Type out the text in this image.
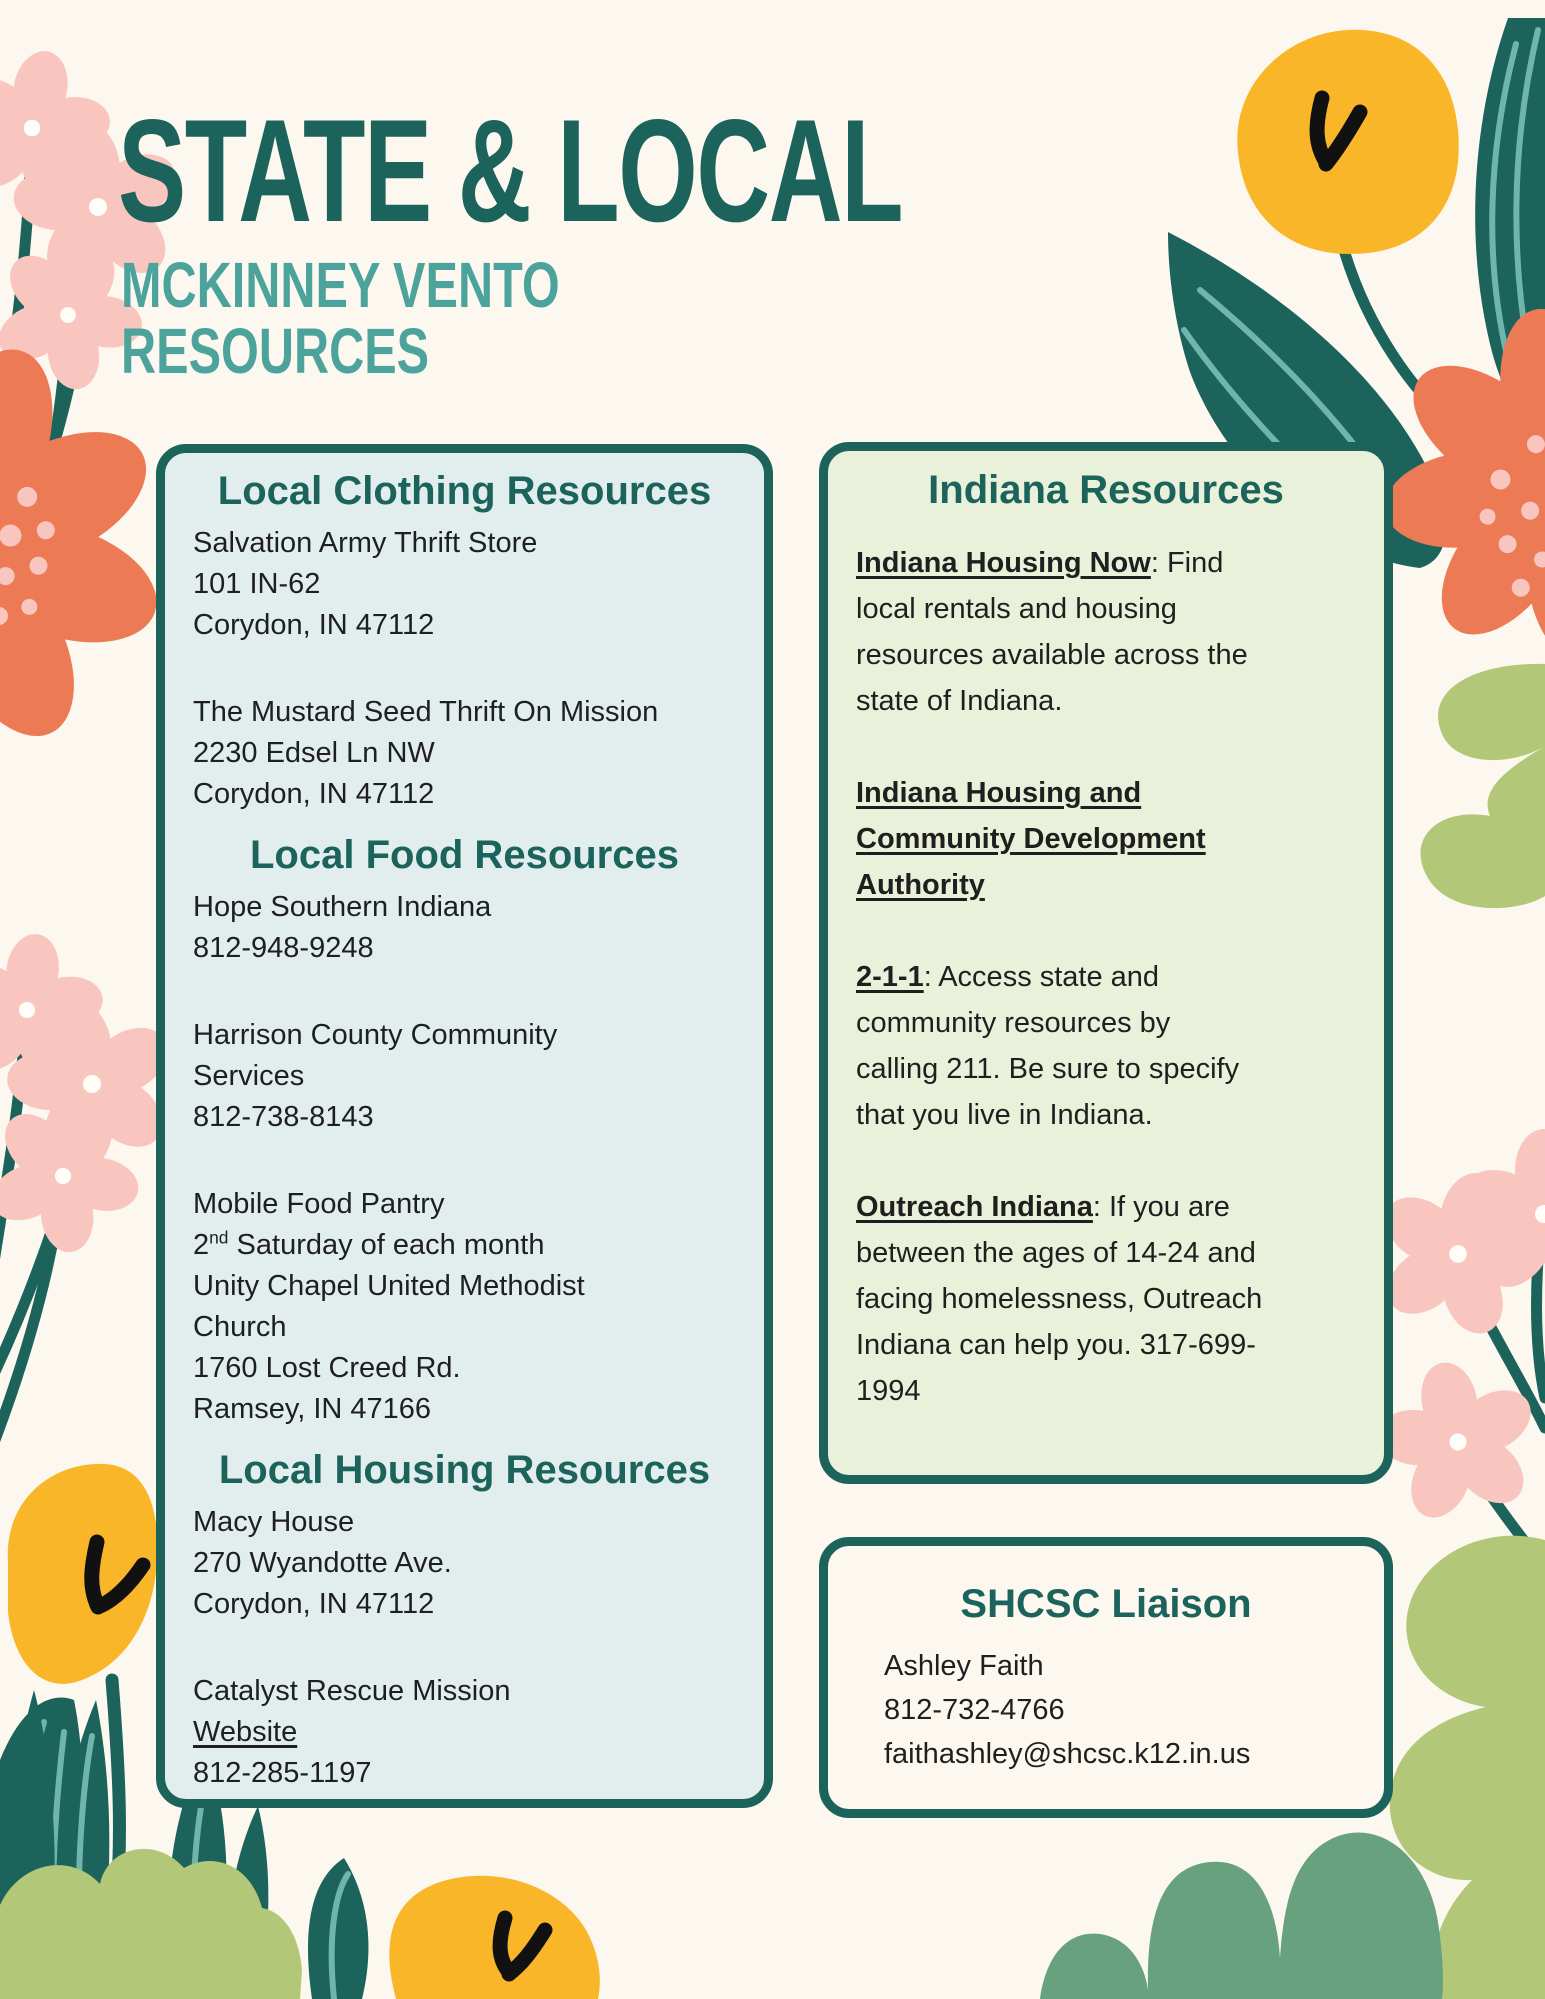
STATE & LOCAL
MCKINNEY VENTO
RESOURCES
Local Clothing Resources
Salvation Army Thrift Store
101 IN-62
Corydon, IN 47112
The Mustard Seed Thrift On Mission
2230 Edsel Ln NW
Corydon, IN 47112
Local Food Resources
Hope Southern Indiana
812-948-9248
Harrison County Community
Services
812-738-8143
Mobile Food Pantry
2nd Saturday of each month
Unity Chapel United Methodist
Church
1760 Lost Creed Rd.
Ramsey, IN 47166
Local Housing Resources
Macy House
270 Wyandotte Ave.
Corydon, IN 47112
Catalyst Rescue Mission
Website
812-285-1197
Indiana Resources
Indiana Housing Now: Find
local rentals and housing
resources available across the
state of Indiana.
Indiana Housing and
Community Development
Authority
2-1-1: Access state and
community resources by
calling 211. Be sure to specify
that you live in Indiana.
Outreach Indiana: If you are
between the ages of 14-24 and
facing homelessness, Outreach
Indiana can help you. 317-699-
1994
SHCSC Liaison
Ashley Faith
812-732-4766
faithashley@shcsc.k12.in.us
